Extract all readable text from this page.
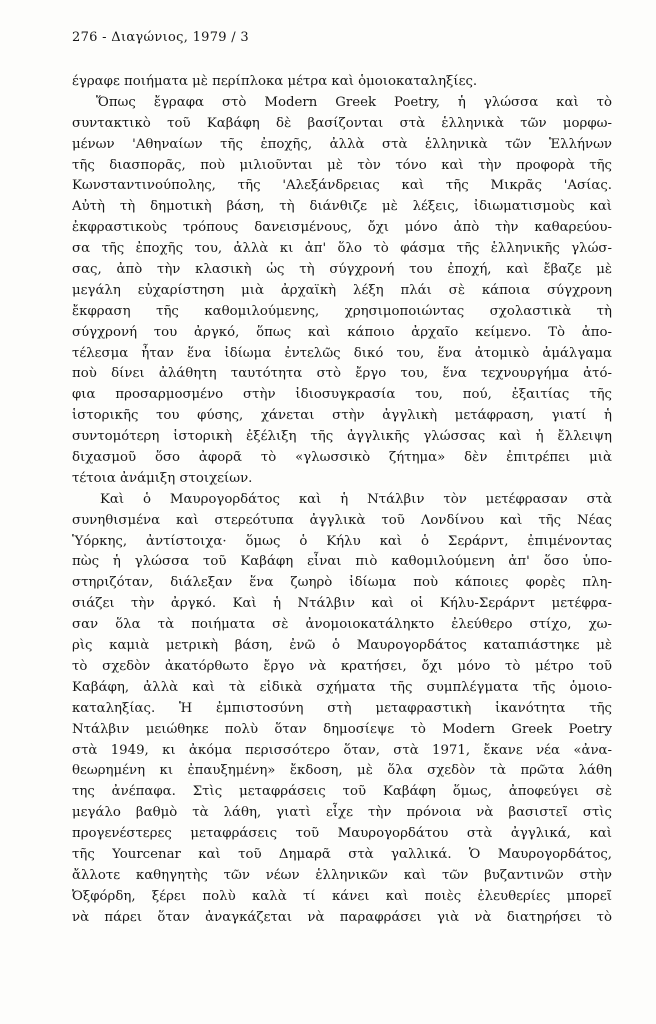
276 - Διαγώνιος, 1979 / 3
έγραφε ποιήματα μὲ περίπλοκα μέτρα καὶ ὁμοιοκαταληξίες.
Ὅπως ἔγραφα στὸ Modern Greek Poetry, ἡ γλώσσα καὶ τὸ
συντακτικὸ τοῦ Καβάφη δὲ βασίζονται στὰ ἑλληνικὰ τῶν μορφω-
μένων 'Αθηναίων τῆς ἐποχῆς, ἀλλὰ στὰ ἑλληνικὰ τῶν Ἑλλήνων
τῆς διασπορᾶς, ποὺ μιλιοῦνται μὲ τὸν τόνο καὶ τὴν προφορὰ τῆς
Κωνσταντινούπολης, τῆς 'Αλεξάνδρειας καὶ τῆς Μικρᾶς 'Ασίας.
Αὐτὴ τὴ δημοτικὴ βάση, τὴ διάνθιζε μὲ λέξεις, ἰδιωματισμοὺς καὶ
ἐκφραστικοὺς τρόπους δανεισμένους, ὄχι μόνο ἀπὸ τὴν καθαρεύου-
σα τῆς ἐποχῆς του, ἀλλὰ κι ἀπ' ὅλο τὸ φάσμα τῆς ἑλληνικῆς γλώσ-
σας, ἀπὸ τὴν κλασικὴ ὡς τὴ σύγχρονή του ἐποχή, καὶ ἔβαζε μὲ
μεγάλη εὐχαρίστηση μιὰ ἀρχαϊκὴ λέξη πλάι σὲ κάποια σύγχρονη
ἔκφραση τῆς καθομιλούμενης, χρησιμοποιώντας σχολαστικὰ τὴ
σύγχρονή του ἀργκό, ὅπως καὶ κάποιο ἀρχαῖο κείμενο. Τὸ ἀπο-
τέλεσμα ἦταν ἕνα ἰδίωμα ἐντελῶς δικό του, ἕνα ἀτομικὸ ἀμάλγαμα
ποὺ δίνει ἀλάθητη ταυτότητα στὸ ἔργο του, ἕνα τεχνουργήμα ἀτό-
φια προσαρμοσμένο στὴν ἰδιοσυγκρασία του, πού, ἐξαιτίας τῆς
ἱστορικῆς του φύσης, χάνεται στὴν ἀγγλικὴ μετάφραση, γιατί ἡ
συντομότερη ἱστορικὴ ἐξέλιξη τῆς ἀγγλικῆς γλώσσας καὶ ἡ ἔλλειψη
διχασμοῦ ὅσο ἀφορᾶ τὸ «γλωσσικὸ ζήτημα» δὲν ἐπιτρέπει μιὰ
τέτοια ἀνάμιξη στοιχείων.
Καὶ ὁ Μαυρογορδάτος καὶ ἡ Ντάλβιν τὸν μετέφρασαν στὰ
συνηθισμένα καὶ στερεότυπα ἀγγλικὰ τοῦ Λονδίνου καὶ τῆς Νέας
Ὑόρκης, ἀντίστοιχα· ὅμως ὁ Κήλυ καὶ ὁ Σεράρντ, ἐπιμένοντας
πὼς ἡ γλώσσα τοῦ Καβάφη εἶναι πιὸ καθομιλούμενη ἀπ' ὅσο ὑπο-
στηριζόταν, διάλεξαν ἕνα ζωηρὸ ἰδίωμα ποὺ κάποιες φορὲς πλη-
σιάζει τὴν ἀργκό. Καὶ ἡ Ντάλβιν καὶ οἱ Κήλυ-Σεράρντ μετέφρα-
σαν ὅλα τὰ ποιήματα σὲ ἀνομοιοκατάληκτο ἐλεύθερο στίχο, χω-
ρὶς καμιὰ μετρικὴ βάση, ἐνῶ ὁ Μαυρογορδάτος καταπιάστηκε μὲ
τὸ σχεδὸν ἀκατόρθωτο ἔργο νὰ κρατήσει, ὄχι μόνο τὸ μέτρο τοῦ
Καβάφη, ἀλλὰ καὶ τὰ εἰδικὰ σχήματα τῆς συμπλέγματα τῆς ὁμοιο-
καταληξίας. Ἡ ἐμπιστοσύνη στὴ μεταφραστικὴ ἱκανότητα τῆς
Ντάλβιν μειώθηκε πολὺ ὅταν δημοσίεψε τὸ Modern Greek Poetry
στὰ 1949, κι ἀκόμα περισσότερο ὅταν, στὰ 1971, ἔκανε νέα «ἀνα-
θεωρημένη κι ἐπαυξημένη» ἔκδοση, μὲ ὅλα σχεδὸν τὰ πρῶτα λάθη
της ἀνέπαφα. Στὶς μεταφράσεις τοῦ Καβάφη ὅμως, ἀποφεύγει σὲ
μεγάλο βαθμὸ τὰ λάθη, γιατὶ εἶχε τὴν πρόνοια νὰ βασιστεῖ στὶς
προγενέστερες μεταφράσεις τοῦ Μαυρογορδάτου στὰ ἀγγλικά, καὶ
τῆς Yourcenar καὶ τοῦ Δημαρᾶ στὰ γαλλικά. Ὁ Μαυρογορδάτος,
ἄλλοτε καθηγητὴς τῶν νέων ἑλληνικῶν καὶ τῶν βυζαντινῶν στὴν
Ὀξφόρδη, ξέρει πολὺ καλὰ τί κάνει καὶ ποιὲς ἐλευθερίες μπορεῖ
νὰ πάρει ὅταν ἀναγκάζεται νὰ παραφράσει γιὰ νὰ διατηρήσει τὸ
